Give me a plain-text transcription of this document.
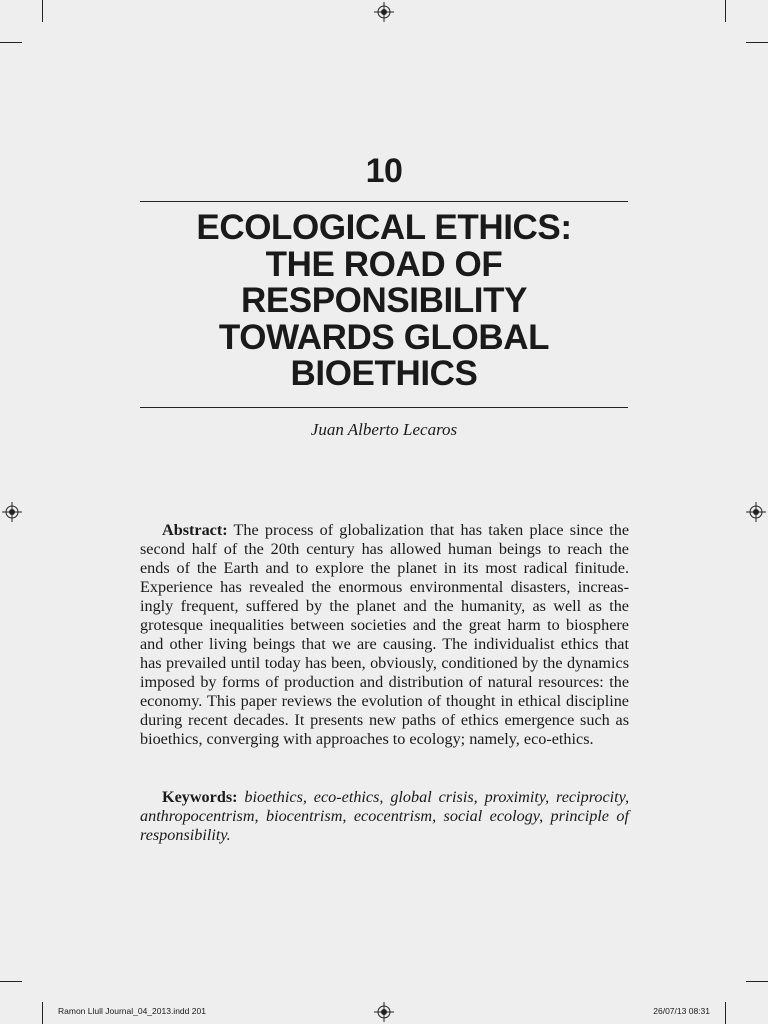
10
ECOLOGICAL ETHICS:
THE ROAD OF
RESPONSIBILITY
TOWARDS GLOBAL
BIOETHICS
Juan Alberto Lecaros

Abstract: The process of globalization that has taken place since the second half of the 20th century has allowed human beings to reach the ends of the Earth and to explore the planet in its most radical finitude. Experience has revealed the enormous environmental disasters, increasingly frequent, suffered by the planet and the humanity, as well as the grotesque inequalities between societies and the great harm to biosphere and other living beings that we are causing. The individualist ethics that has prevailed until today has been, obviously, conditioned by the dynamics imposed by forms of production and distribution of natural resources: the economy. This paper reviews the evolution of thought in ethical discipline during recent decades. It presents new paths of ethics emergence such as bioethics, converging with approaches to ecology; namely, eco-ethics.

Keywords: bioethics, eco-ethics, global crisis, proximity, reciprocity, anthropocentrism, biocentrism, ecocentrism, social ecology, principle of responsibility.

Ramon Llull Journal_04_2013.indd 201	26/07/13 08:31
